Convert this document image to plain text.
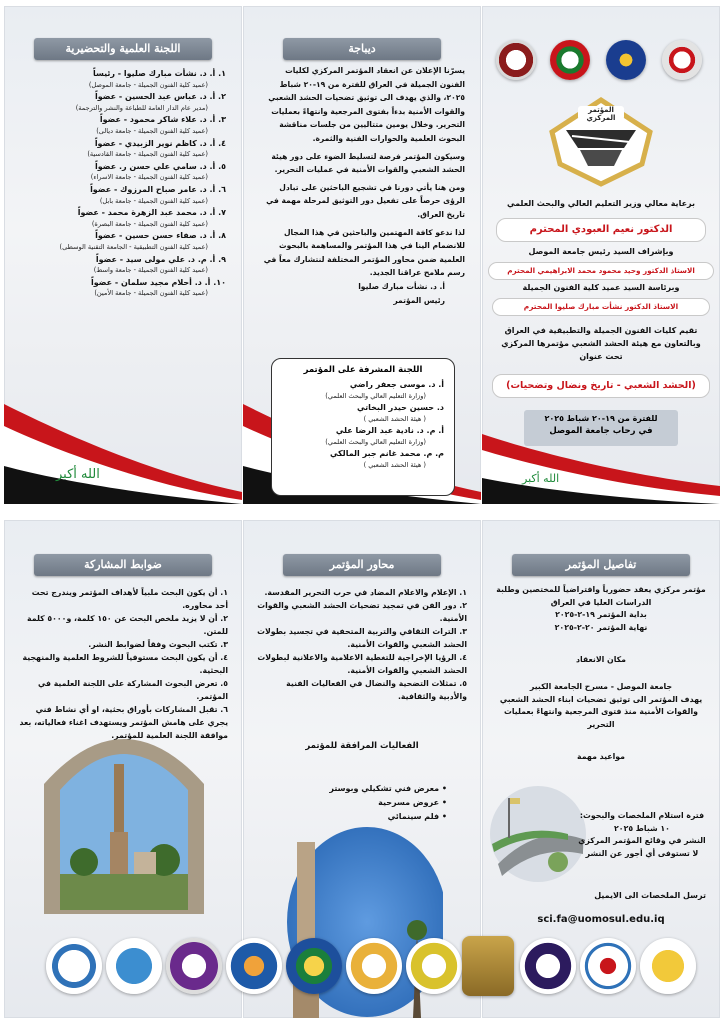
اللجنة العلمية والتحضيرية
١. أ. د. نشأت مبارك صليوا - رئيساً
(عميد كلية الفنون الجميلة - جامعة الموصل)
٢. أ. د. عباس عبد الحسين - عضواً
(مدير عام الدار العامة للطباعة والنشر والترجمة)
٣. أ. د. علاء شاكر محمود - عضواً
(عميد كلية الفنون الجميلة - جامعة ديالى)
٤. أ. د. كاظم نوير الزبيدي - عضواً
(عميد كلية الفنون الجميلة - جامعة القادسية)
٥. أ. د. سامي علي حسن ر. عضواً
(عميد كلية الفنون الجميلة - جامعة الاسراء)
٦. أ. د. عامر صباح المرزوك - عضواً
(عميد كلية الفنون الجميلة - جامعة بابل)
٧. أ. د. محمد عبد الزهرة محمد - عضواً
(عميد كلية الفنون الجميلة - جامعة البصرة)
٨. أ. د. صفاء حسن حسين - عضواً
(عميد كلية الفنون التطبيقية - الجامعة التقنية الوسطى)
٩. أ. م. د. علي مولى سيد - عضواً
(عميد كلية الفنون الجميلة - جامعة واسط)
١٠. أ. د. أحلام مجيد سلمان - عضواً
(عميد كلية الفنون الجميلة - جامعة الأمين)
الله أكبر
ديباجة

يسرّنا الإعلان عن انعقاد المؤتمر المركزي لكليات الفنون الجميلة في العراق للفترة من ١٩-٢٠ شباط ٢٠٢٥، والذي يهدف الى توثيق تضحيات الحشد الشعبي والقوات الأمنية بدءاً بفتوى المرجعية وانتهاءً بعمليات التحرير. وخلال يومين متتاليين من جلسات مناقشة البحوث العلمية والحوارات الفنية والثمرة.

وسيكون المؤتمر فرصة لتسليط الضوء على دور هيئة الحشد الشعبي والقوات الأمنية في عمليات التحرير.

ومن هنا يأتي دورنا في تشجيع الباحثين على تبادل الرؤى حرصاً على تفعيل دور التوثيق لمرحلة مهمة في تاريخ العراق.

لذا ندعو كافة المهتمين والباحثين في هذا المجال للانضمام الينا في هذا المؤتمر والمساهمة بالبحوث العلمية ضمن محاور المؤتمر المختلفة لنتشارك معاً في رسم ملامح عراقنا الجديد.

أ. د. نشأت مبارك صليوا

رئيس المؤتمر

اللجنة المشرفة على المؤتمر
أ. د. موسى جعفر راضي
(وزارة التعليم العالي والبحث العلمي)
د. حسين حيدر البخاتي
( هيئة الحشد الشعبي )
أ. م. د. نادية عبد الرضا علي
(وزارة التعليم العالي والبحث العلمي)
م. م. محمد غانم جبر المالكي
( هيئة الحشد الشعبي )
المؤتمر المركزي
برعاية معالي وزير التعليم العالي والبحث العلمي
الدكتور نعيم العبودي المحترم
وبإشراف السيد رئيس جامعة الموصل
الاستاذ الدكتور وحيد محمود محمد الابراهيمي المحترم
وبرئاسة السيد عميد كلية الفنون الجميلة
الاستاذ الدكتور نشأت مبارك صليوا المحترم
تقيم كليات الفنون الجميلة والتطبيقية في العراق وبالتعاون مع هيئة الحشد الشعبي مؤتمرها المركزي تحت عنوان
(الحشد الشعبي - تاريخ ونضال وتضحيات)
للفترة من ١٩-٢٠ شباط ٢٠٢٥
في رحاب جامعة الموصل
الله أكبر
ضوابط المشاركة

١. أن يكون البحث ملبياً لأهداف المؤتمر ويندرج تحت أحد محاوره.

٢. أن لا يزيد ملخص البحث عن ١٥٠ كلمة، و٥٠٠٠ كلمة للمتن.

٣. تكتب البحوث وفقاً لضوابط النشر.

٤. أن يكون البحث مستوفياً للشروط العلمية والمنهجية البحثية.

٥. تعرض البحوث المشاركة على اللجنة العلمية في المؤتمر.

٦. تقبل المشاركات بأوراق بحثية، او أي نشاط فني يجري على هامش المؤتمر ويستهدف اغناء فعالياته، بعد موافقة اللجنة العلمية للمؤتمر.

محاور المؤتمر

١. الإعلام والاعلام المضاد في حرب التحرير المقدسة.

٢. دور الفن في تمجيد تضحيات الحشد الشعبي والقوات الأمنية.

٣. التراث الثقافي والتربية المتحفية في تجسيد بطولات الحشد الشعبي والقوات الأمنية.

٤. الرؤيا الإخراجية للتغطية الاعلامية والاعلانية لبطولات الحشد الشعبي والقوات الأمنية.

٥. تمثلات التضحية والنضال في الفعاليات الفنية والأدبية والثقافية.

الفعاليات المرافقة للمؤتمر

• معرض فني تشكيلي وبوستر

• عروض مسرحية

• فلم سينمائي

تفاصيل المؤتمر

مؤتمر مركزي يعقد حضورياً وافتراضياً للمختصين وطلبة الدراسات العليا في العراق

بداية المؤتمر ١٩-٢-٢٠٢٥

نهاية المؤتمر ٢٠-٢-٢٠٢٥

مكان الانعقاد

جامعة الموصل - مسرح الجامعة الكبير

يهدف المؤتمر الى توثيق تضحيات ابناء الحشد الشعبي والقوات الأمنية منذ فتوى المرجعية وانتهاءً بعمليات التحرير

مواعيد مهمة

فترة استلام الملخصات والبحوث:

١٠ شباط ٢٠٢٥

النشر في وقائع المؤتمر المركزي

لا تستوفى أي أجور عن النشر

ترسل الملخصات الى الايميل
sci.fa@uomosul.edu.iq
